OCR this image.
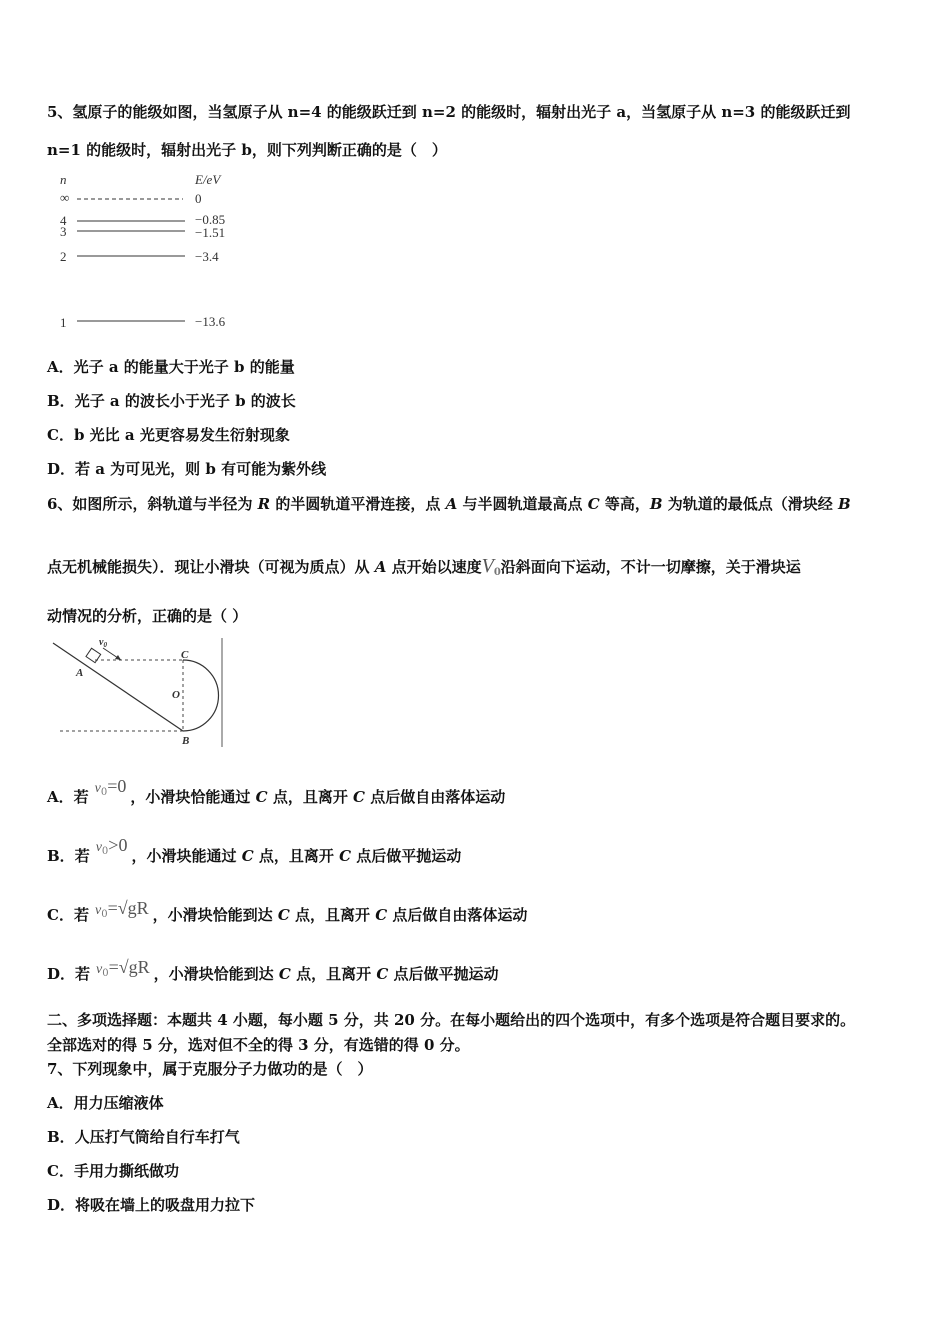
5、氢原子的能级如图，当氢原子从 n=4 的能级跃迁到 n=2 的能级时，辐射出光子 a，当氢原子从 n=3 的能级跃迁到
n=1 的能级时，辐射出光子 b，则下列判断正确的是（　）
n	E/eV
∞	0
4	−0.85
3	−1.51
2	−3.4
1	−13.6
A．光子 a 的能量大于光子 b 的能量
B．光子 a 的波长小于光子 b 的波长
C．b 光比 a 光更容易发生衍射现象
D．若 a 为可见光，则 b 有可能为紫外线
6、如图所示，斜轨道与半径为 R 的半圆轨道平滑连接，点 A 与半圆轨道最高点 C 等高，B 为轨道的最低点（滑块经 B
点无机械能损失）．现让小滑块（可视为质点）从 A 点开始以速度$V_0$沿斜面向下运动，不计一切摩擦，关于滑块运
动情况的分析，正确的是（ ）
$v_0$
A
C
O
B
A．若 $v_0=0$，小滑块恰能通过 C 点，且离开 C 点后做自由落体运动
B．若 $v_0>0$，小滑块能通过 C 点，且离开 C 点后做平抛运动
C．若 $v_0=√gR$ ，小滑块恰能到达 C 点，且离开 C 点后做自由落体运动
D．若 $v_0=√gR$ ，小滑块恰能到达 C 点，且离开 C 点后做平抛运动
二、多项选择题：本题共 4 小题，每小题 5 分，共 20 分。在每小题给出的四个选项中，有多个选项是符合题目要求的。
全部选对的得 5 分，选对但不全的得 3 分，有选错的得 0 分。
7、下列现象中，属于克服分子力做功的是（　）
A．用力压缩液体
B．人压打气筒给自行车打气
C．手用力撕纸做功
D．将吸在墙上的吸盘用力拉下
